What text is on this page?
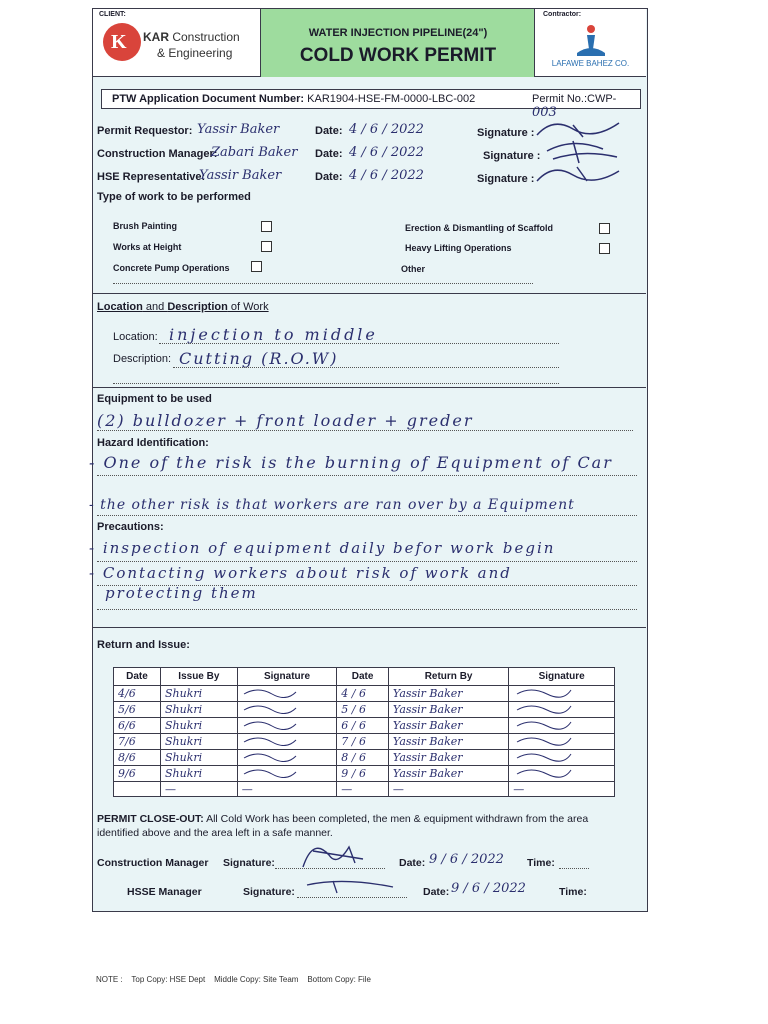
CLIENT:
K KAR Construction
& Engineering
WATER INJECTION PIPELINE(24")
COLD WORK PERMIT
Contractor:
LAFAWE BAHEZ CO.
PTW Application Document Number: KAR1904-HSE-FM-0000-LBC-002	Permit No.:CWP-003
Permit Requestor: Yassir Baker	Date: 4 / 6 / 2022	Signature :
Construction Manager:
Zabari Baker Date: 4 / 6 / 2022	Signature :
HSE Representative:
Yassir Baker	Date: 4 / 6 / 2022	Signature :
Type of work to be performed
Brush Painting
Works at Height
Concrete Pump Operations
Erection & Dismantling of Scaffold
Heavy Lifting Operations
Other
Location and Description of Work
Location: injection to middle
Description: Cutting (R.O.W)
Equipment to be used
(2) bulldozer + front loader + greder
Hazard Identification:
- One of the risk is the burning of Equipment of Car
- the other risk is that workers are ran over by a Equipment
Precautions:
- inspection of equipment daily befor work begin
- Contacting workers about risk of work and
protecting them
Return and Issue:
Date	Issue By	Signature	Date	Return By	Signature
4/6	Shukri		4 / 6	Yassir Baker	
5/6	Shukri		5 / 6	Yassir Baker	
6/6	Shukri		6 / 6	Yassir Baker	
7/6	Shukri		7 / 6	Yassir Baker	
8/6	Shukri		8 / 6	Yassir Baker	
9/6	Shukri		9 / 6	Yassir Baker	
	—	—	—	—	—
PERMIT CLOSE-OUT: All Cold Work has been completed, the men & equipment withdrawn from the area
identified above and the area left in a safe manner.
Construction Manager Signature:	Date: 9 / 6 / 2022 Time:
HSSE Manager	Signature:	Date: 9 / 6 / 2022	Time:
NOTE :    Top Copy: HSE Dept    Middle Copy: Site Team    Bottom Copy: File
